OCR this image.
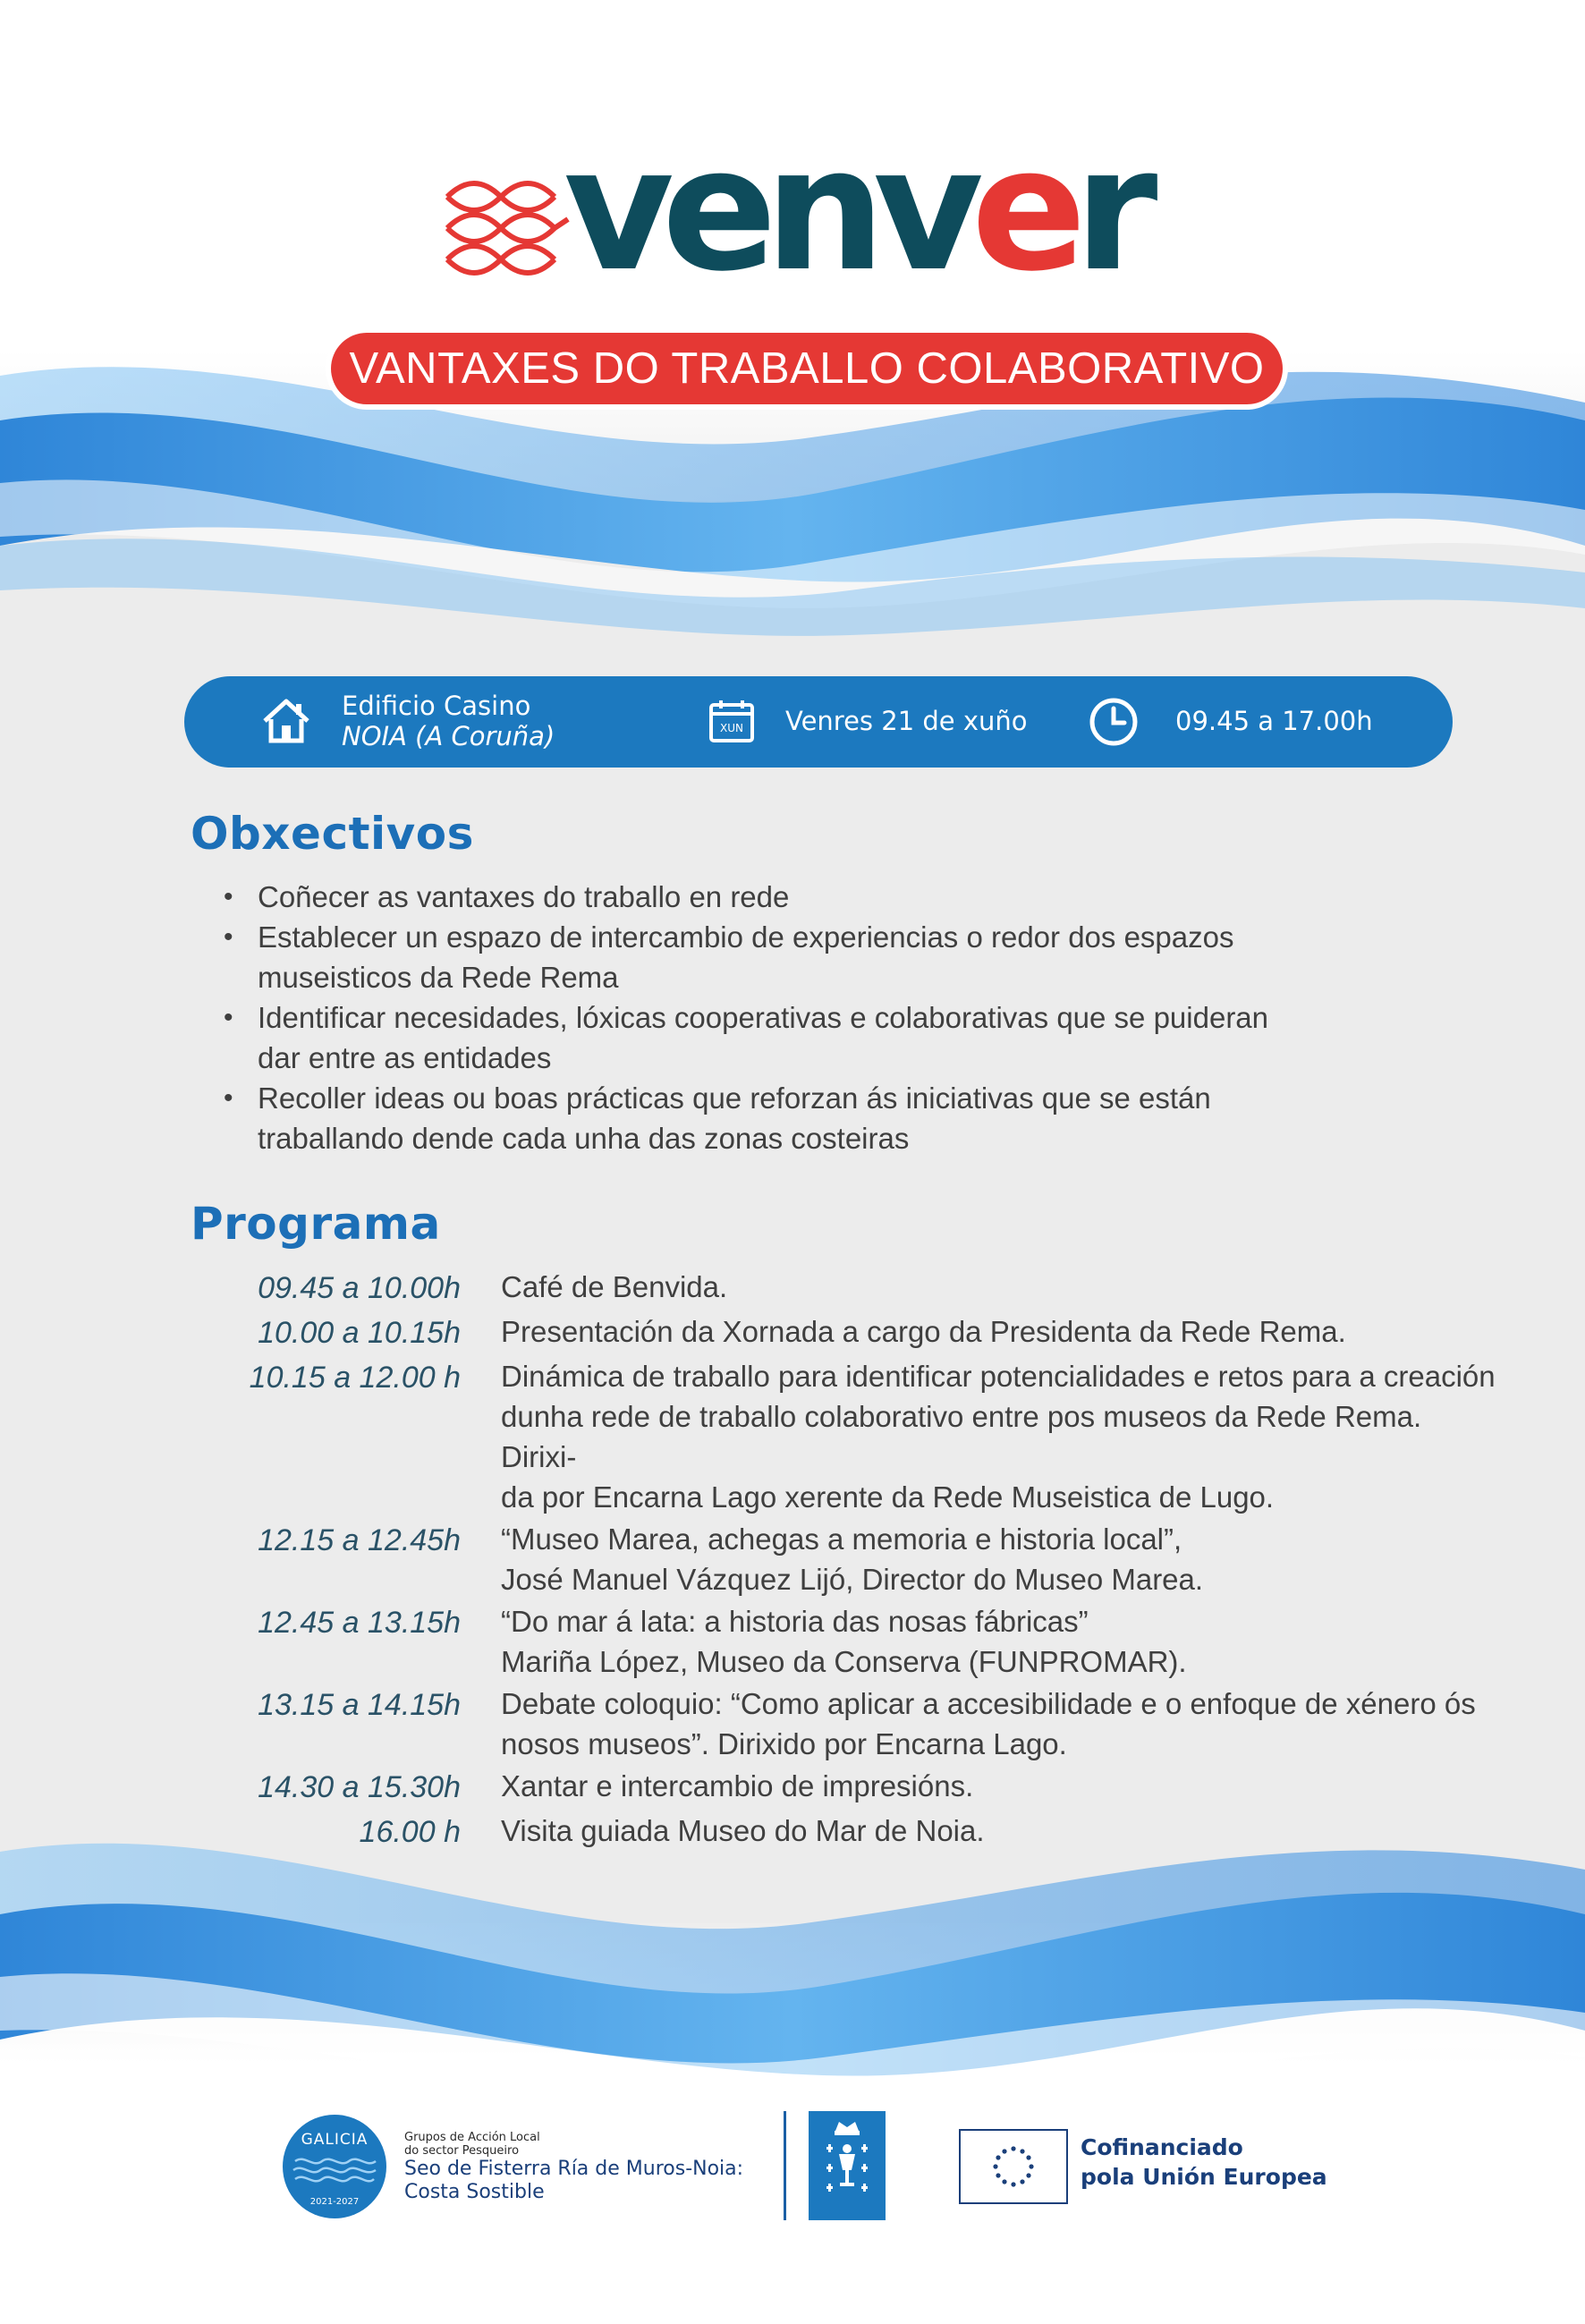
venver
VANTAXES DO TRABALLO COLABORATIVO
Edificio Casino
NOIA (A Coruña)	XUN Venres 21 de xuño	09.45 a 17.00h
Obxectivos
• Coñecer as vantaxes do traballo en rede
• Establecer un espazo de intercambio de experiencias o redor dos espazos
museisticos da Rede Rema
• Identificar necesidades, lóxicas cooperativas e colaborativas que se puideran
dar entre as entidades
• Recoller ideas ou boas prácticas que reforzan ás iniciativas que se están
traballando dende cada unha das zonas costeiras
Programa
09.45 a 10.00h Café de Benvida.
10.00 a 10.15h Presentación da Xornada a cargo da Presidenta da Rede Rema.
10.15 a 12.00 h Dinámica de traballo para identificar potencialidades e retos para a creación
dunha rede de traballo colaborativo entre pos museos da Rede Rema. Dirixi-
da por Encarna Lago xerente da Rede Museistica de Lugo.
12.15 a 12.45h “Museo Marea, achegas a memoria e historia local”,
José Manuel Vázquez Lijó, Director do Museo Marea.
12.45 a 13.15h “Do mar á lata: a historia das nosas fábricas”
Mariña López, Museo da Conserva (FUNPROMAR).
13.15 a 14.15h Debate coloquio: “Como aplicar a accesibilidade e o enfoque de xénero ós
nosos museos”. Dirixido por Encarna Lago.
14.30 a 15.30h Xantar e intercambio de impresións.
16.00 h Visita guiada Museo do Mar de Noia.
GALICIA
2021-2027
Grupos de Acción Local
do sector Pesqueiro
Seo de Fisterra Ría de Muros-Noia:
Costa Sostible
Cofinanciado
pola Unión Europea
